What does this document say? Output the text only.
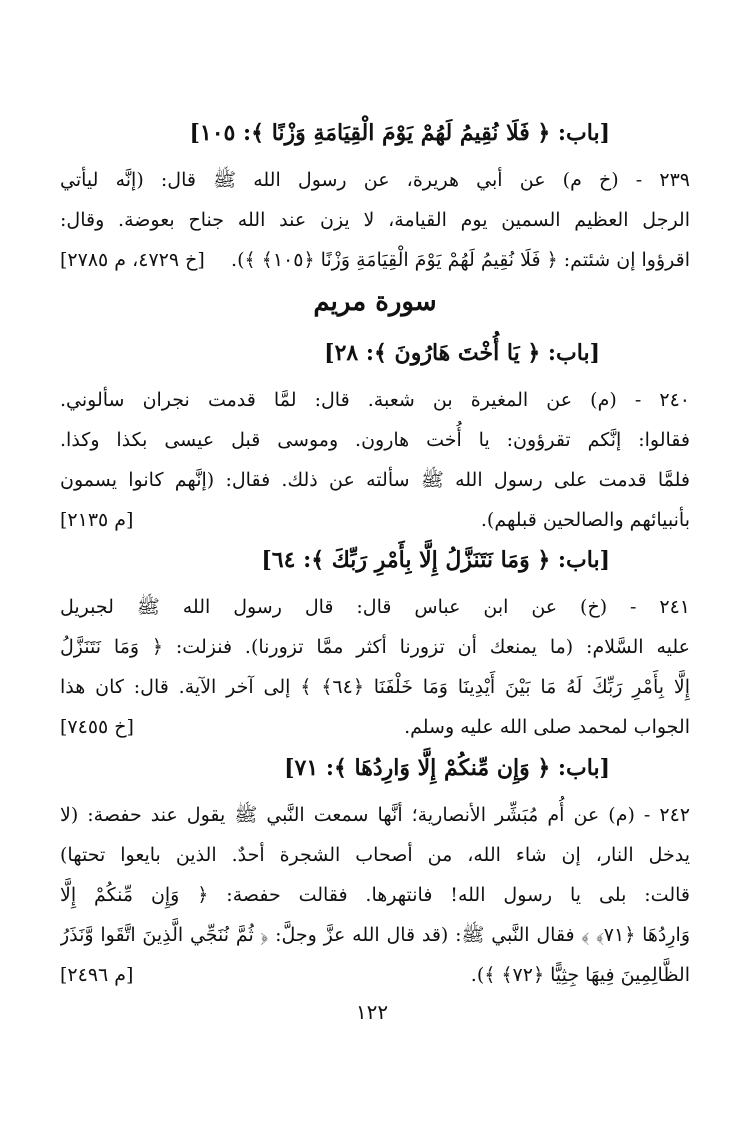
[باب: ﴿ فَلَا نُقِيمُ لَهُمْ يَوْمَ الْقِيَامَةِ وَزْنًا ﴾: ١٠٥]
٢٣٩ - (خ م) عن أبي هريرة، عن رسول الله ﷺ قال: (إنَّه ليأتي
الرجل العظيم السمين يوم القيامة، لا يزن عند الله جناح بعوضة. وقال:
[خ ٤٧٢٩، م ٢٧٨٥] اقرؤوا إن شئتم: ﴿ فَلَا نُقِيمُ لَهُمْ يَوْمَ الْقِيَامَةِ وَزْنًا ﴿١٠٥﴾ ﴾).
سورة مريم
[باب: ﴿ يَا أُخْتَ هَارُونَ ﴾: ٢٨]
٢٤٠ - (م) عن المغيرة بن شعبة. قال: لمَّا قدمت نجران سألوني.
فقالوا: إنَّكم تقرؤون: يا أُخت هارون. وموسى قبل عيسى بكذا وكذا.
فلمَّا قدمت على رسول الله ﷺ سألته عن ذلك. فقال: (إنَّهم كانوا يسمون
[م ٢١٣٥]	بأنبيائهم والصالحين قبلهم).
[باب: ﴿ وَمَا نَتَنَزَّلُ إِلَّا بِأَمْرِ رَبِّكَ ﴾: ٦٤]
٢٤١ - (خ) عن ابن عباس قال: قال رسول الله ﷺ لجبريل
عليه السَّلام: (ما يمنعك أن تزورنا أكثر ممَّا تزورنا). فنزلت: ﴿ وَمَا نَتَنَزَّلُ
إِلَّا بِأَمْرِ رَبِّكَ لَهُ مَا بَيْنَ أَيْدِينَا وَمَا خَلْفَنَا ﴿٦٤﴾ ﴾ إلى آخر الآية. قال: كان هذا
[خ ٧٤٥٥]	الجواب لمحمد صلى الله عليه وسلم.
[باب: ﴿ وَإِن مِّنكُمْ إِلَّا وَارِدُهَا ﴾: ٧١]
٢٤٢ - (م) عن أُم مُبَشِّر الأنصارية؛ أنَّها سمعت النَّبي ﷺ يقول عند حفصة: (لا
يدخل النار، إن شاء الله، من أصحاب الشجرة أحدٌ. الذين بايعوا تحتها)
قالت: بلى يا رسول الله! فانتهرها. فقالت حفصة: ﴿ وَإِن مِّنكُمْ إِلَّا
وَارِدُهَا ﴿٧١﴾ ﴾ فقال النَّبي ﷺ: (قد قال الله عزَّ وجلَّ: ﴿ ثُمَّ نُنَجِّي الَّذِينَ اتَّقَوا وَّنَذَرُ
[م ٢٤٩٦]	الظَّالِمِينَ فِيهَا جِثِيًّا ﴿٧٢﴾ ﴾).
١٢٢
